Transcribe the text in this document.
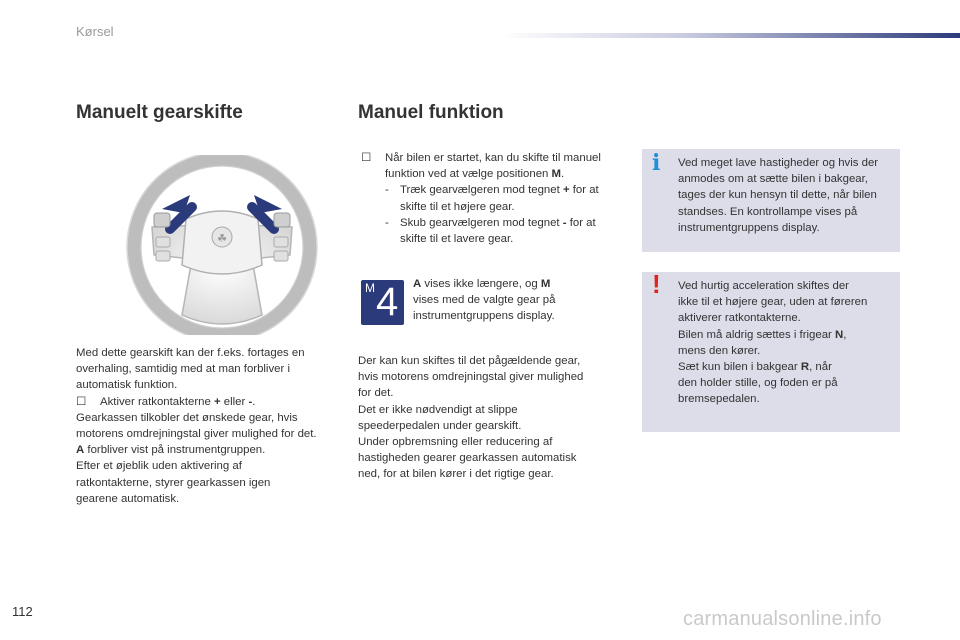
Kørsel
Manuelt gearskifte
☘
Med dette gearskift kan der f.eks. fortages en
overhaling, samtidig med at man forbliver i
automatisk funktion.
☐	Aktiver ratkontakterne + eller -.
Gearkassen tilkobler det ønskede gear, hvis
motorens omdrejningstal giver mulighed for det.
A forbliver vist på instrumentgruppen.
Efter et øjeblik uden aktivering af
ratkontakterne, styrer gearkassen igen
gearene automatisk.
Manuel funktion
☐	Når bilen er startet, kan du skifte til manuel
funktion ved at vælge positionen M.
- Træk gearvælgeren mod tegnet + for at
skifte til et højere gear.
- Skub gearvælgeren mod tegnet - for at
skifte til et lavere gear.
M 4 A vises ikke længere, og M
vises med de valgte gear på
instrumentgruppens display.
Der kan kun skiftes til det pågældende gear,
hvis motorens omdrejningstal giver mulighed
for det.
Det er ikke nødvendigt at slippe
speederpedalen under gearskift.
Under opbremsning eller reducering af
hastigheden gearer gearkassen automatisk
ned, for at bilen kører i det rigtige gear.
i Ved meget lave hastigheder og hvis der
anmodes om at sætte bilen i bakgear,
tages der kun hensyn til dette, når bilen
standses. En kontrollampe vises på
instrumentgruppens display.
! Ved hurtig acceleration skiftes der
ikke til et højere gear, uden at føreren
aktiverer ratkontakterne.
Bilen må aldrig sættes i frigear N,
mens den kører.
Sæt kun bilen i bakgear R, når
den holder stille, og foden er på
bremsepedalen.
112	carmanualsonline.info
